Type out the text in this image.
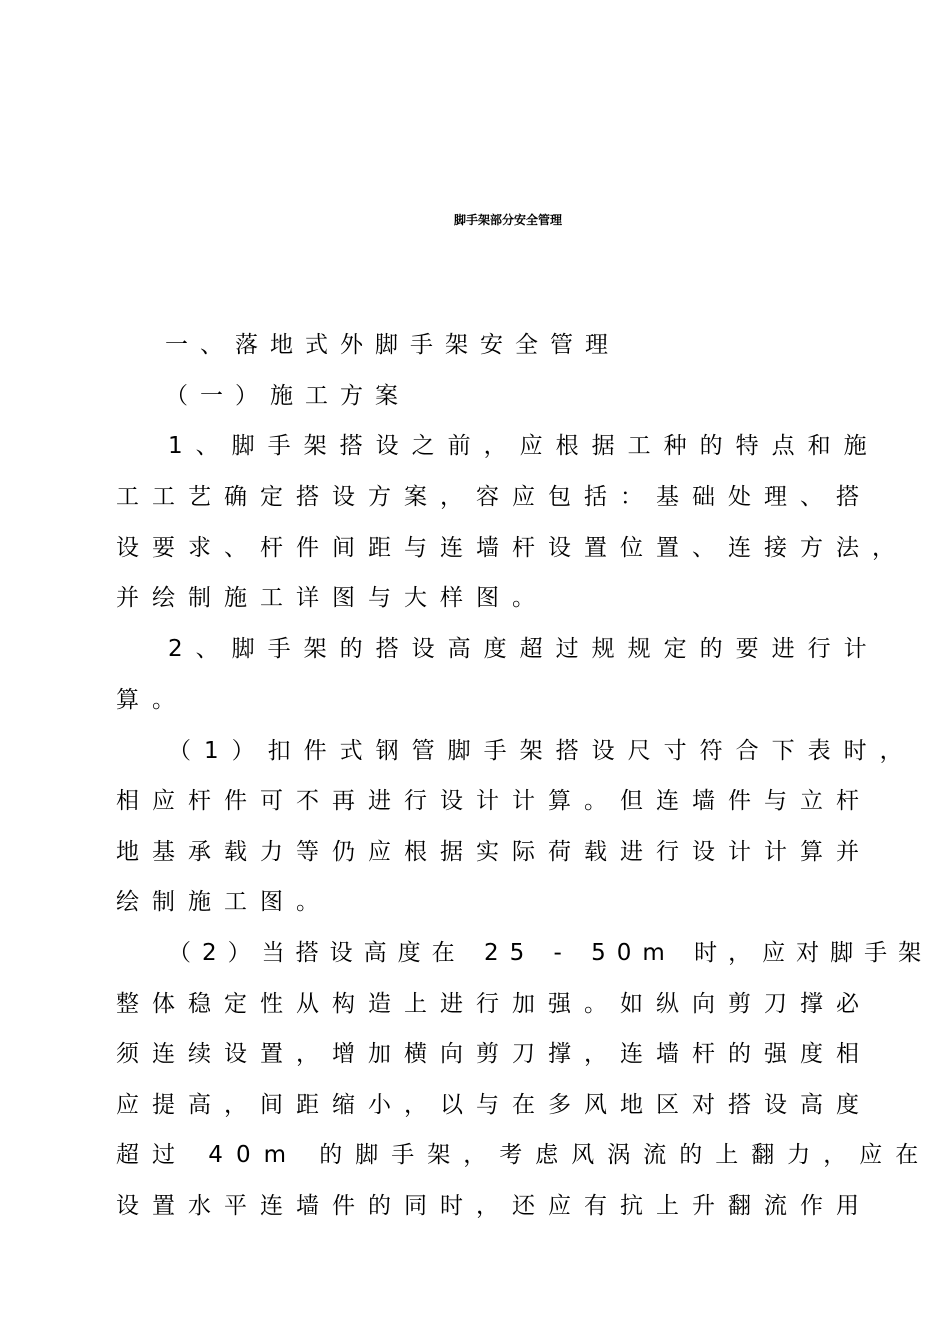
脚手架部分安全管理
一、落地式外脚手架安全管理
（一）施工方案
1、脚手架搭设之前，应根据工种的特点和施
工工艺确定搭设方案，容应包括：基础处理、搭
设要求、杆件间距与连墙杆设置位置、连接方法，
并绘制施工详图与大样图。
2、脚手架的搭设高度超过规规定的要进行计
算。
（1）扣件式钢管脚手架搭设尺寸符合下表时，
相应杆件可不再进行设计计算。但连墙件与立杆
地基承载力等仍应根据实际荷载进行设计计算并
绘制施工图。
（2）当搭设高度在 25 - 50m 时，应对脚手架
整体稳定性从构造上进行加强。如纵向剪刀撑必
须连续设置，增加横向剪刀撑，连墙杆的强度相
应提高，间距缩小，以与在多风地区对搭设高度
超过 40m 的脚手架，考虑风涡流的上翻力，应在
设置水平连墙件的同时，还应有抗上升翻流作用
